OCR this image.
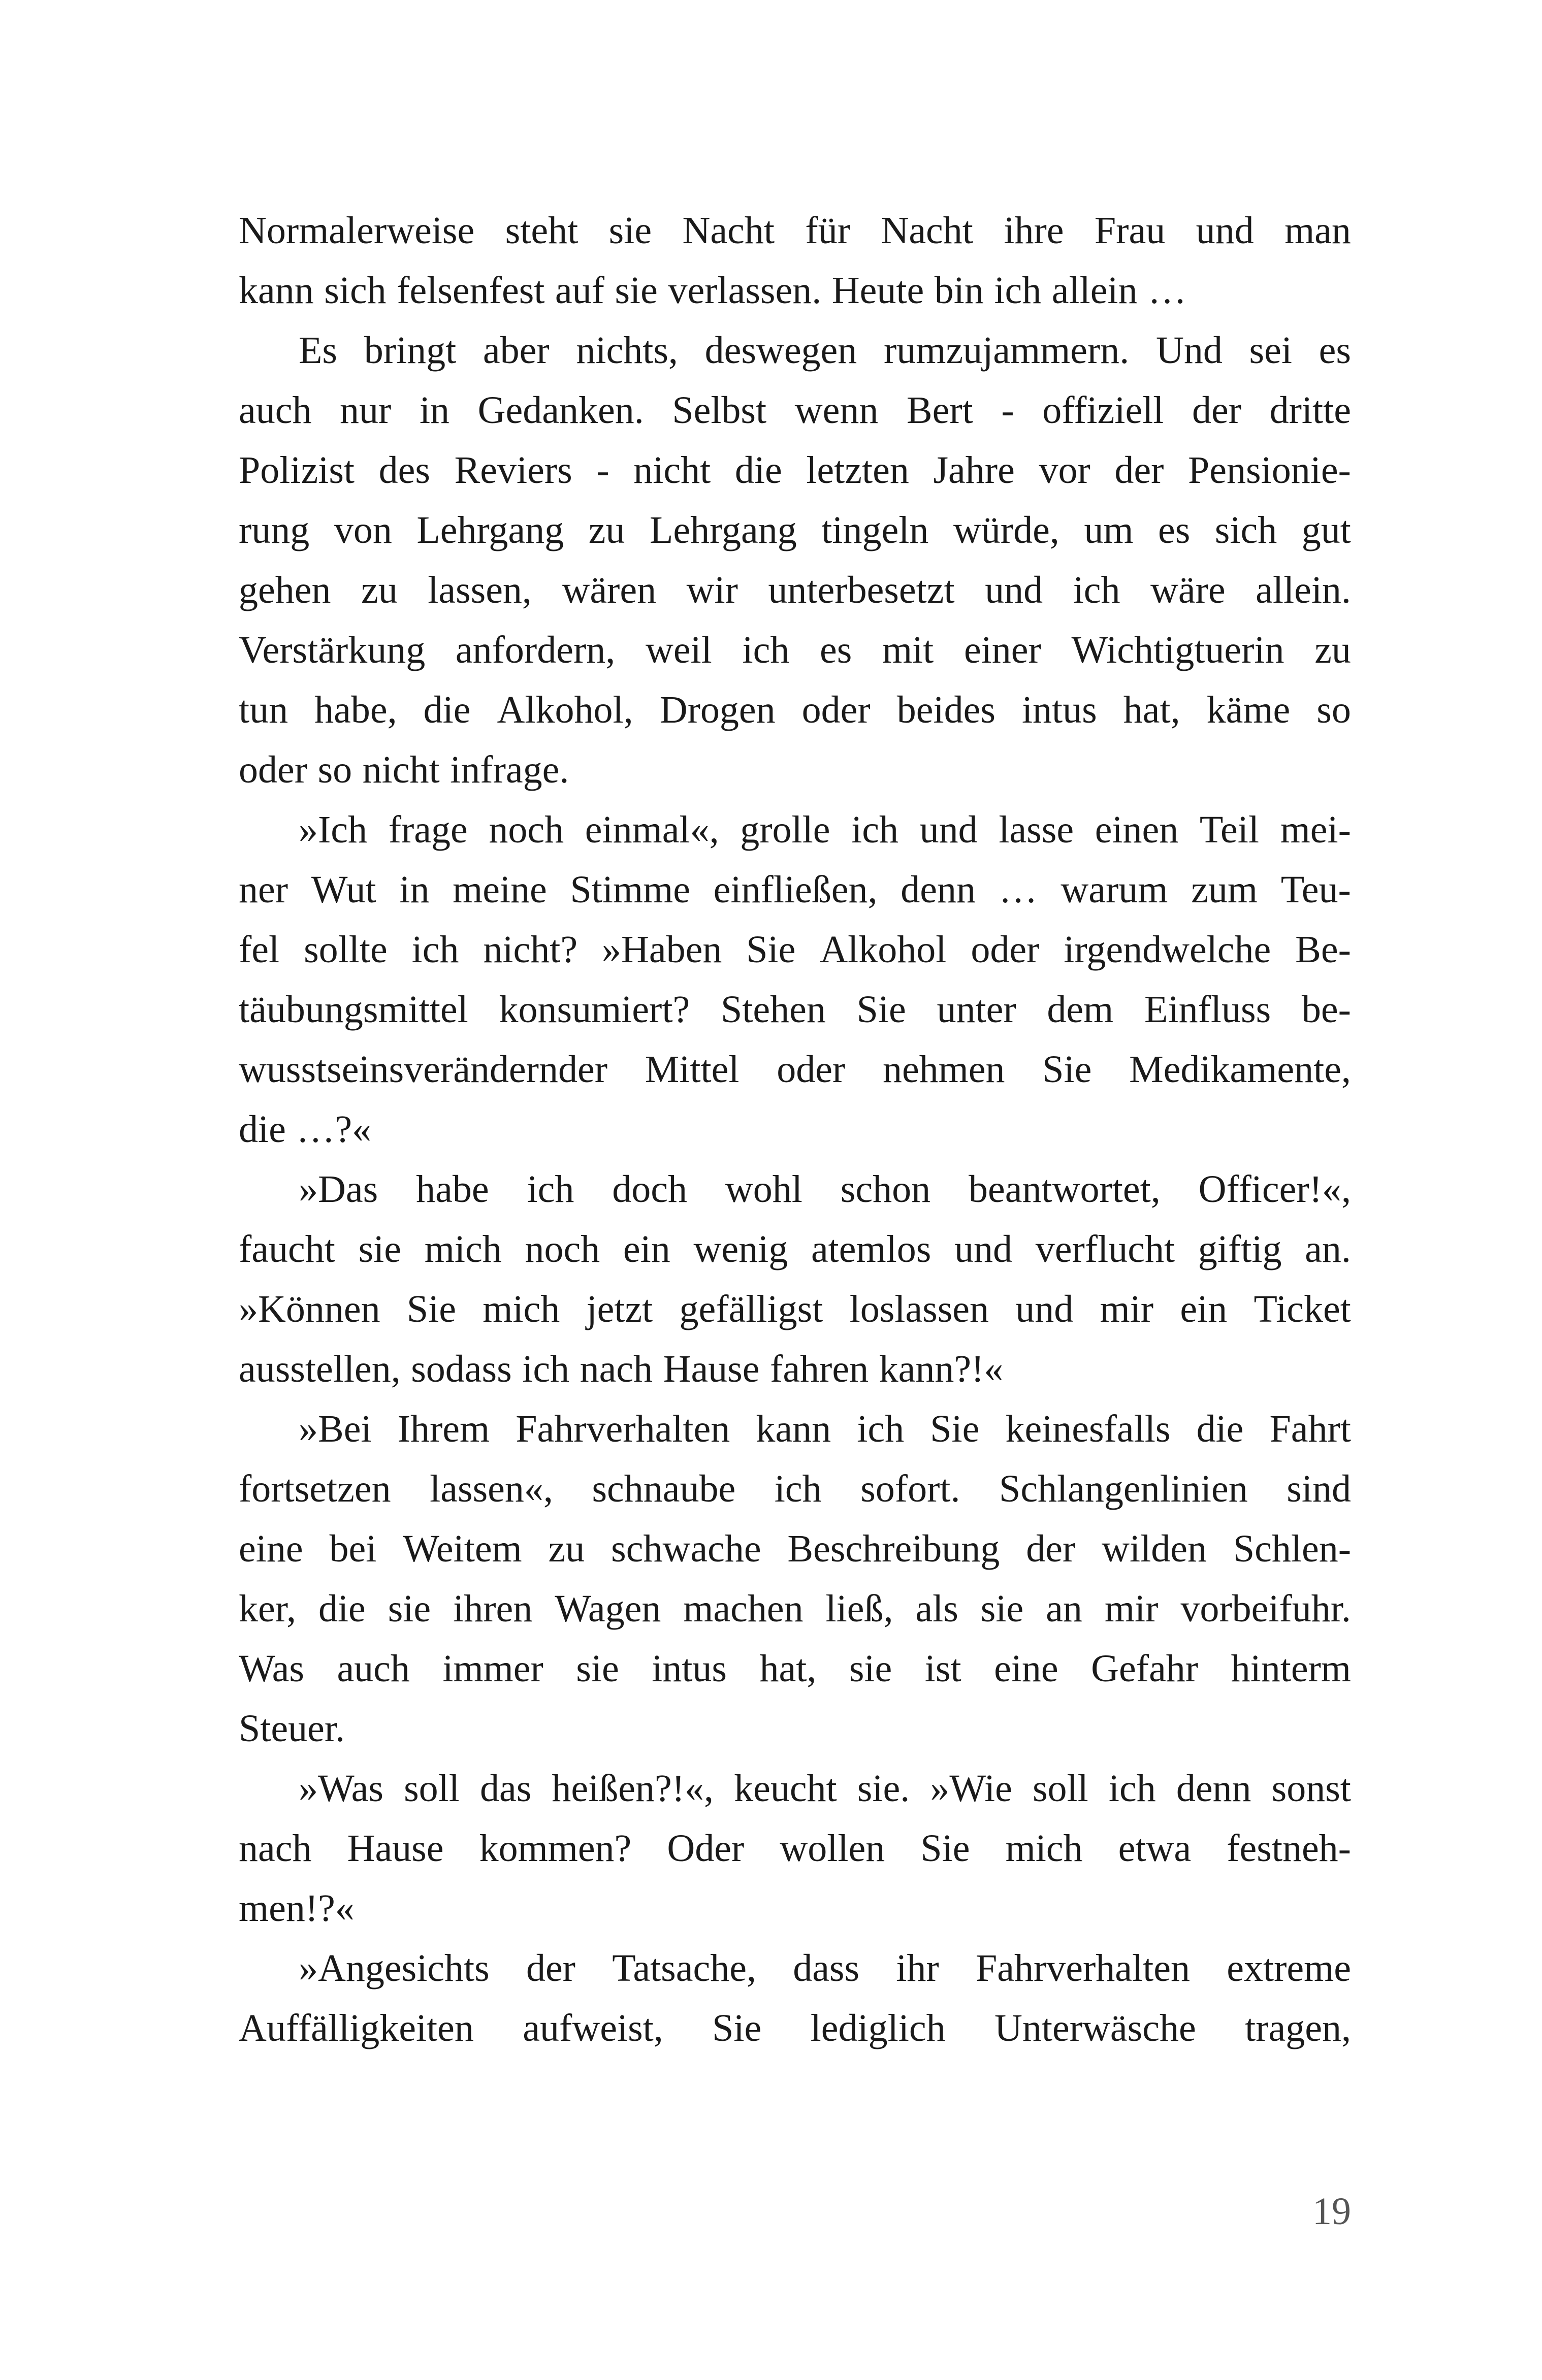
Normalerweise steht sie Nacht für Nacht ihre Frau und man
kann sich felsenfest auf sie verlassen. Heute bin ich allein …
Es bringt aber nichts, deswegen rumzujammern. Und sei es
auch nur in Gedanken. Selbst wenn Bert - offiziell der dritte
Polizist des Reviers - nicht die letzten Jahre vor der Pensionie-
rung von Lehrgang zu Lehrgang tingeln würde, um es sich gut
gehen zu lassen, wären wir unterbesetzt und ich wäre allein.
Verstärkung anfordern, weil ich es mit einer Wichtigtuerin zu
tun habe, die Alkohol, Drogen oder beides intus hat, käme so
oder so nicht infrage.
»Ich frage noch einmal«, grolle ich und lasse einen Teil mei-
ner Wut in meine Stimme einfließen, denn … warum zum Teu-
fel sollte ich nicht? »Haben Sie Alkohol oder irgendwelche Be-
täubungsmittel konsumiert? Stehen Sie unter dem Einfluss be-
wusstseinsverändernder Mittel oder nehmen Sie Medikamente,
die …?«
»Das habe ich doch wohl schon beantwortet, Officer!«,
faucht sie mich noch ein wenig atemlos und verflucht giftig an.
»Können Sie mich jetzt gefälligst loslassen und mir ein Ticket
ausstellen, sodass ich nach Hause fahren kann?!«
»Bei Ihrem Fahrverhalten kann ich Sie keinesfalls die Fahrt
fortsetzen lassen«, schnaube ich sofort. Schlangenlinien sind
eine bei Weitem zu schwache Beschreibung der wilden Schlen-
ker, die sie ihren Wagen machen ließ, als sie an mir vorbeifuhr.
Was auch immer sie intus hat, sie ist eine Gefahr hinterm
Steuer.
»Was soll das heißen?!«, keucht sie. »Wie soll ich denn sonst
nach Hause kommen? Oder wollen Sie mich etwa festneh-
men!?«
»Angesichts der Tatsache, dass ihr Fahrverhalten extreme
Auffälligkeiten aufweist, Sie lediglich Unterwäsche tragen,
19
